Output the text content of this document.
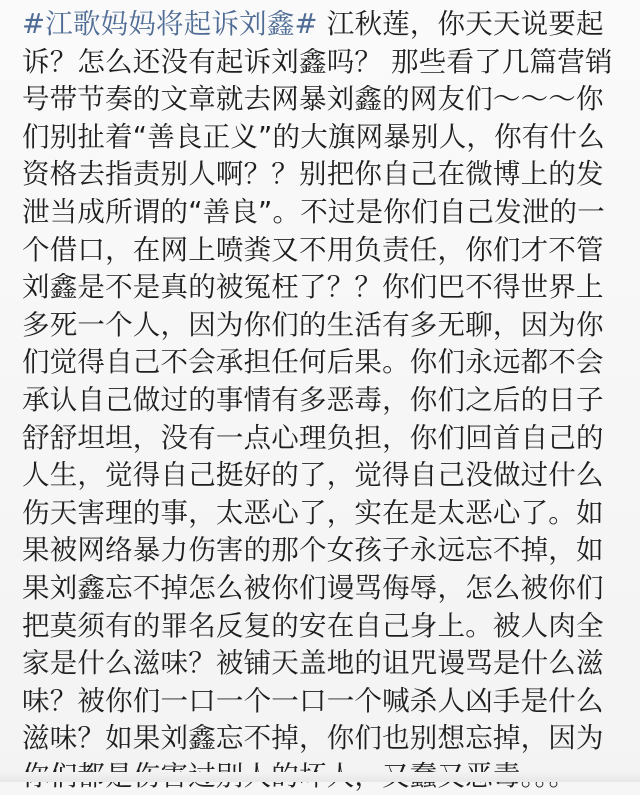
#江歌妈妈将起诉刘鑫# 江秋莲，你天天说要起诉？怎么还没有起诉刘鑫吗？ 那些看了几篇营销号带节奏的文章就去网暴刘鑫的网友们～～～你们别扯着“善良正义”的大旗网暴别人，你有什么资格去指责别人啊？？别把你自己在微博上的发泄当成所谓的“善良”。不过是你们自己发泄的一个借口，在网上喷粪又不用负责任，你们才不管刘鑫是不是真的被冤枉了？？你们巴不得世界上多死一个人，因为你们的生活有多无聊，因为你们觉得自己不会承担任何后果。你们永远都不会承认自己做过的事情有多恶毒，你们之后的日子舒舒坦坦，没有一点心理负担，你们回首自己的人生，觉得自己挺好的了，觉得自己没做过什么伤天害理的事，太恶心了，实在是太恶心了。如果被网络暴力伤害的那个女孩子永远忘不掉，如果刘鑫忘不掉怎么被你们谩骂侮辱，怎么被你们把莫须有的罪名反复的安在自己身上。被人肉全家是什么滋味？被铺天盖地的诅咒谩骂是什么滋味？被你们一口一个一口一个喊杀人凶手是什么滋味？如果刘鑫忘不掉，你们也别想忘掉，因为
